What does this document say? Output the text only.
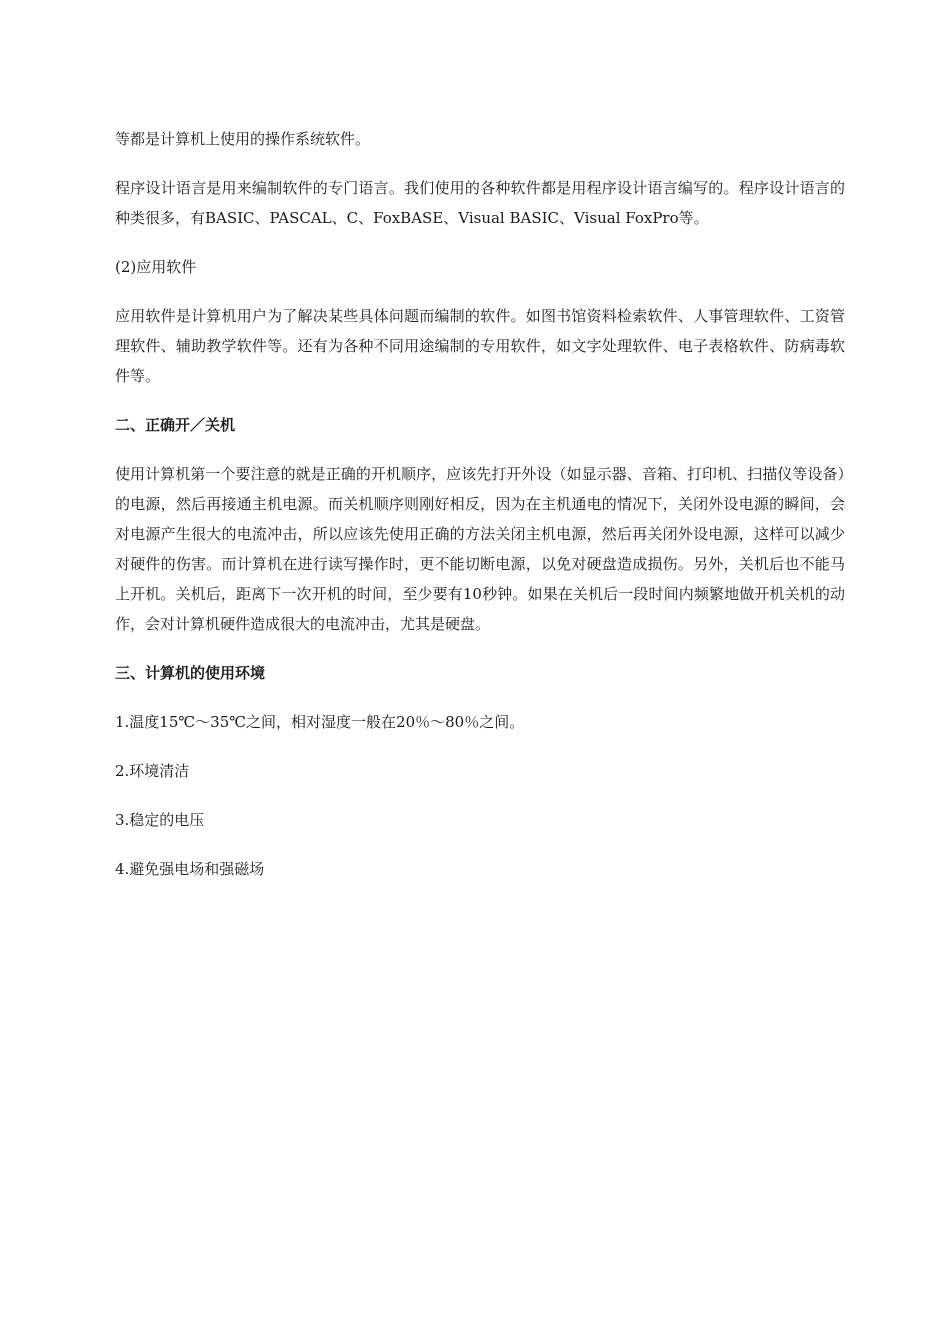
等都是计算机上使用的操作系统软件。

程序设计语言是用来编制软件的专门语言。我们使用的各种软件都是用程序设计语言编写的。程序设计语言的种类很多，有BASIC、PASCAL、C、FoxBASE、Visual BASIC、Visual FoxPro等。

(2)应用软件

应用软件是计算机用户为了解决某些具体问题而编制的软件。如图书馆资料检索软件、人事管理软件、工资管理软件、辅助教学软件等。还有为各种不同用途编制的专用软件，如文字处理软件、电子表格软件、防病毒软件等。

二、正确开／关机

使用计算机第一个要注意的就是正确的开机顺序，应该先打开外设（如显示器、音箱、打印机、扫描仪等设备）的电源，然后再接通主机电源。而关机顺序则刚好相反，因为在主机通电的情况下，关闭外设电源的瞬间，会对电源产生很大的电流冲击，所以应该先使用正确的方法关闭主机电源，然后再关闭外设电源，这样可以减少对硬件的伤害。而计算机在进行读写操作时，更不能切断电源，以免对硬盘造成损伤。另外，关机后也不能马上开机。关机后，距离下一次开机的时间，至少要有10秒钟。如果在关机后一段时间内频繁地做开机关机的动作，会对计算机硬件造成很大的电流冲击，尤其是硬盘。

三、计算机的使用环境

1.温度15℃～35℃之间，相对湿度一般在20％～80％之间。

2.环境清洁

3.稳定的电压

4.避免强电场和强磁场
